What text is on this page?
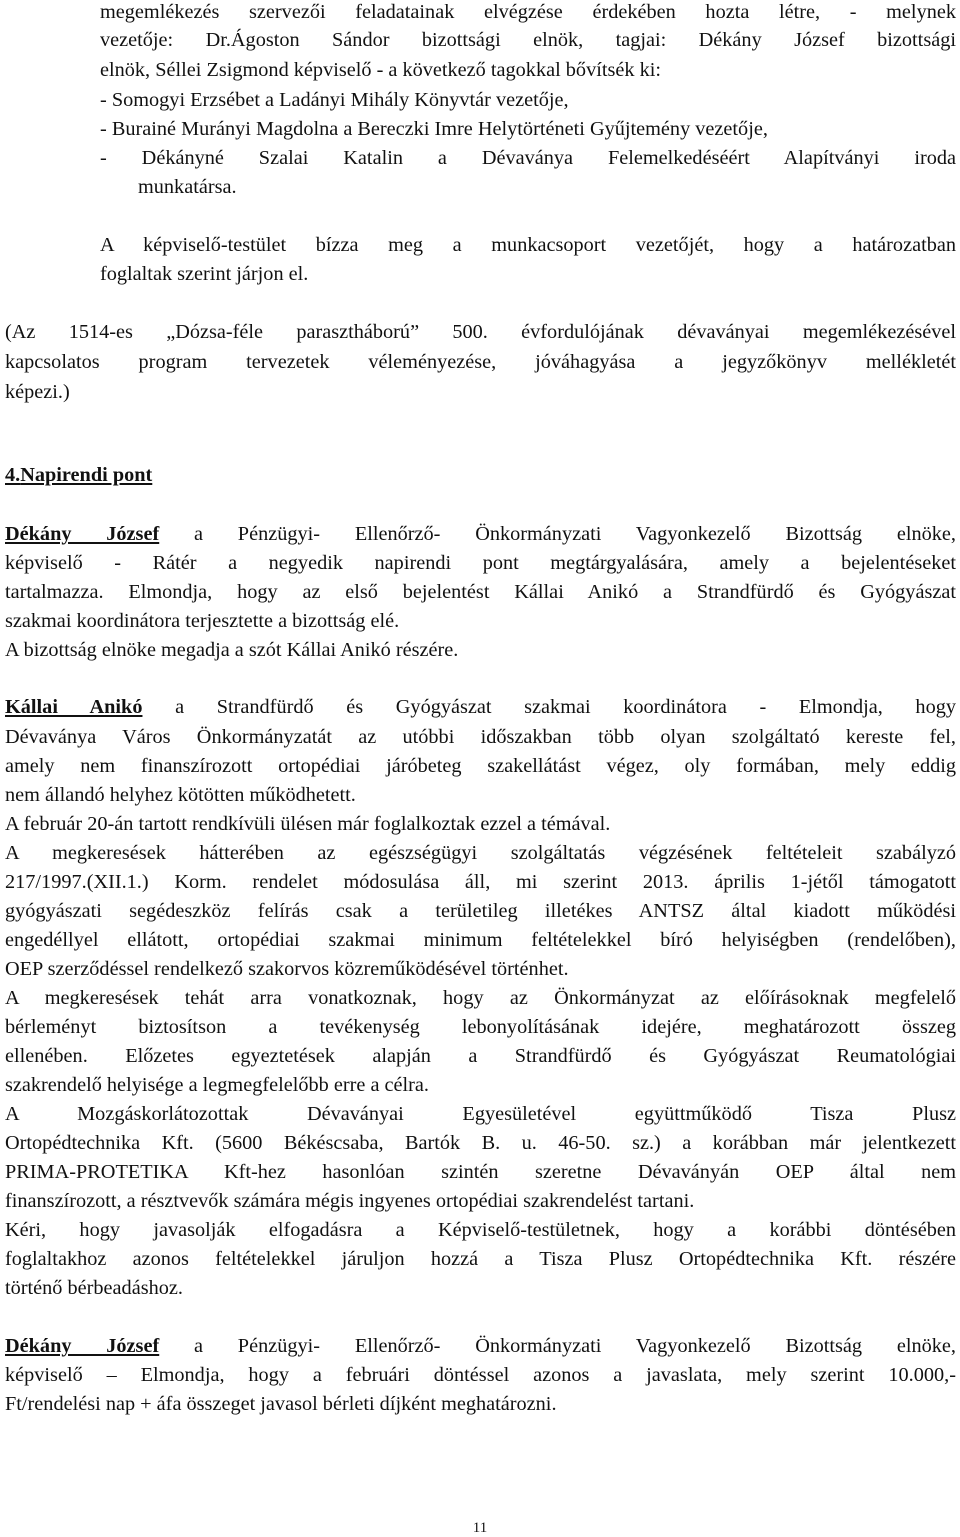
megemlékezés szervezői feladatainak elvégzése érdekében hozta létre, - melynek
vezetője: Dr.Ágoston Sándor bizottsági elnök, tagjai: Dékány József bizottsági
elnök, Séllei Zsigmond képviselő - a következő tagokkal bővítsék ki:
- Somogyi Erzsébet a Ladányi Mihály Könyvtár vezetője,
- Burainé Murányi Magdolna a Bereczki Imre Helytörténeti Gyűjtemény vezetője,
- Dékányné Szalai Katalin a Dévaványa Felemelkedéséért Alapítványi iroda
munkatársa.
A képviselő-testület bízza meg a munkacsoport vezetőjét, hogy a határozatban
foglaltak szerint járjon el.
(Az 1514-es „Dózsa-féle parasztháború” 500. évfordulójának dévaványai megemlékezésével
kapcsolatos program tervezetek véleményezése, jóváhagyása a jegyzőkönyv mellékletét
képezi.)
4.Napirendi pont
Dékány József a Pénzügyi- Ellenőrző- Önkormányzati Vagyonkezelő Bizottság elnöke,
képviselő - Rátér a negyedik napirendi pont megtárgyalására, amely a bejelentéseket
tartalmazza. Elmondja, hogy az első bejelentést Kállai Anikó a Strandfürdő és Gyógyászat
szakmai koordinátora terjesztette a bizottság elé.
A bizottság elnöke megadja a szót Kállai Anikó részére.
Kállai Anikó a Strandfürdő és Gyógyászat szakmai koordinátora - Elmondja, hogy
Dévaványa Város Önkormányzatát az utóbbi időszakban több olyan szolgáltató kereste fel,
amely nem finanszírozott ortopédiai járóbeteg szakellátást végez, oly formában, mely eddig
nem állandó helyhez kötötten működhetett.
A február 20-án tartott rendkívüli ülésen már foglalkoztak ezzel a témával.
A megkeresések hátterében az egészségügyi szolgáltatás végzésének feltételeit szabályzó
217/1997.(XII.1.) Korm. rendelet módosulása áll, mi szerint 2013. április 1-jétől támogatott
gyógyászati segédeszköz felírás csak a területileg illetékes ANTSZ által kiadott működési
engedéllyel ellátott, ortopédiai szakmai minimum feltételekkel bíró helyiségben (rendelőben),
OEP szerződéssel rendelkező szakorvos közreműködésével történhet.
A megkeresések tehát arra vonatkoznak, hogy az Önkormányzat az előírásoknak megfelelő
bérleményt biztosítson a tevékenység lebonyolításának idejére, meghatározott összeg
ellenében. Előzetes egyeztetések alapján a Strandfürdő és Gyógyászat Reumatológiai
szakrendelő helyisége a legmegfelelőbb erre a célra.
A Mozgáskorlátozottak Dévaványai Egyesületével együttműködő Tisza Plusz
Ortopédtechnika Kft. (5600 Békéscsaba, Bartók B. u. 46-50. sz.) a korábban már jelentkezett
PRIMA-PROTETIKA Kft-hez hasonlóan szintén szeretne Dévaványán OEP által nem
finanszírozott, a résztvevők számára mégis ingyenes ortopédiai szakrendelést tartani.
Kéri, hogy javasolják elfogadásra a Képviselő-testületnek, hogy a korábbi döntésében
foglaltakhoz azonos feltételekkel járuljon hozzá a Tisza Plusz Ortopédtechnika Kft. részére
történő bérbeadáshoz.
Dékány József a Pénzügyi- Ellenőrző- Önkormányzati Vagyonkezelő Bizottság elnöke,
képviselő – Elmondja, hogy a februári döntéssel azonos a javaslata, mely szerint 10.000,-
Ft/rendelési nap + áfa összeget javasol bérleti díjként meghatározni.
11
